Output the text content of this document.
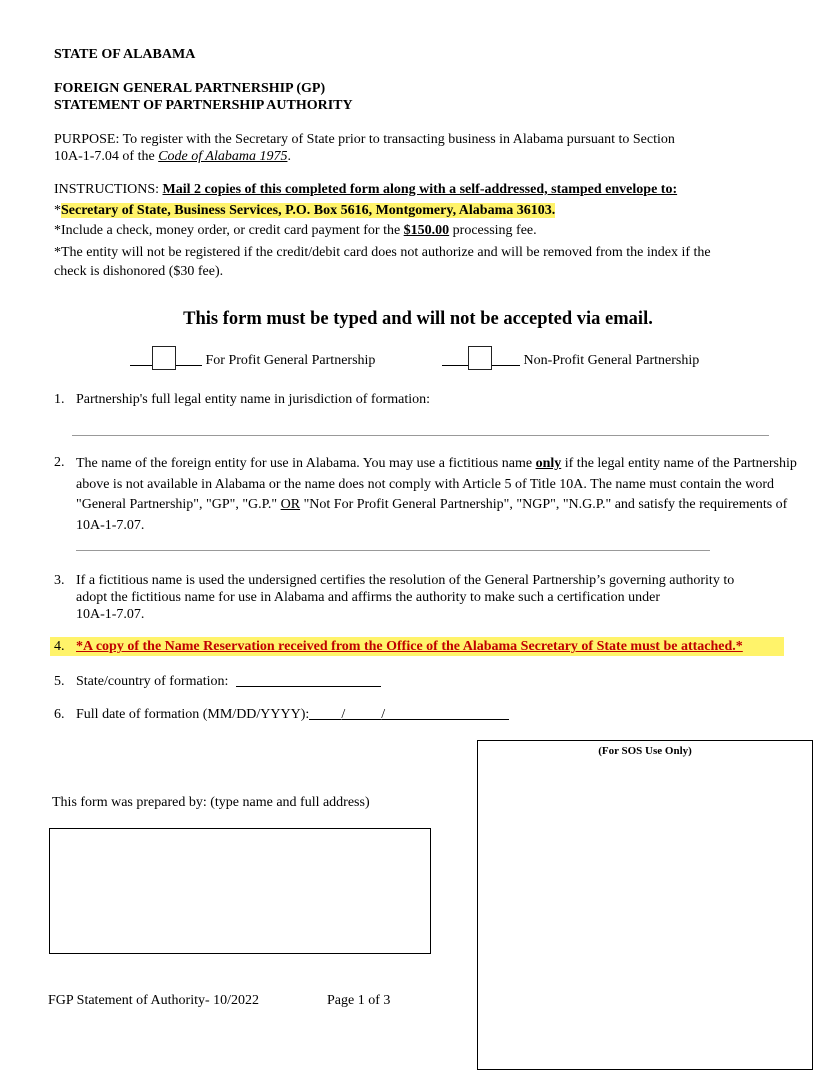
STATE OF ALABAMA
FOREIGN GENERAL PARTNERSHIP (GP)
STATEMENT OF PARTNERSHIP AUTHORITY
PURPOSE: To register with the Secretary of State prior to transacting business in Alabama pursuant to Section
10A-1-7.04 of the Code of Alabama 1975.
INSTRUCTIONS: Mail 2 copies of this completed form along with a self-addressed, stamped envelope to:
*Secretary of State, Business Services, P.O. Box 5616, Montgomery, Alabama 36103.
*Include a check, money order, or credit card payment for the $150.00 processing fee.
*The entity will not be registered if the credit/debit card does not authorize and will be removed from the index if the
check is dishonored ($30 fee).
This form must be typed and will not be accepted via email.
For Profit General Partnership	Non-Profit General Partnership
1. Partnership's full legal entity name in jurisdiction of formation:
2. The name of the foreign entity for use in Alabama. You may use a fictitious name only if the legal entity name of the Partnership above is not available in Alabama or the name does not comply with Article 5 of Title 10A. The name must contain the word "General Partnership", "GP", "G.P." OR "Not For Profit General Partnership", "NGP", "N.G.P." and satisfy the requirements of 10A-1-7.07.
3. If a fictitious name is used the undersigned certifies the resolution of the General Partnership’s governing authority to
adopt the fictitious name for use in Alabama and affirms the authority to make such a certification under
10A-1-7.07.
4. *A copy of the Name Reservation received from the Office of the Alabama Secretary of State must be attached.*
5. State/country of formation:
6. Full date of formation (MM/DD/YYYY): /	/
(For SOS Use Only)
This form was prepared by: (type name and full address)
FGP Statement of Authority- 10/2022	Page 1 of 3
